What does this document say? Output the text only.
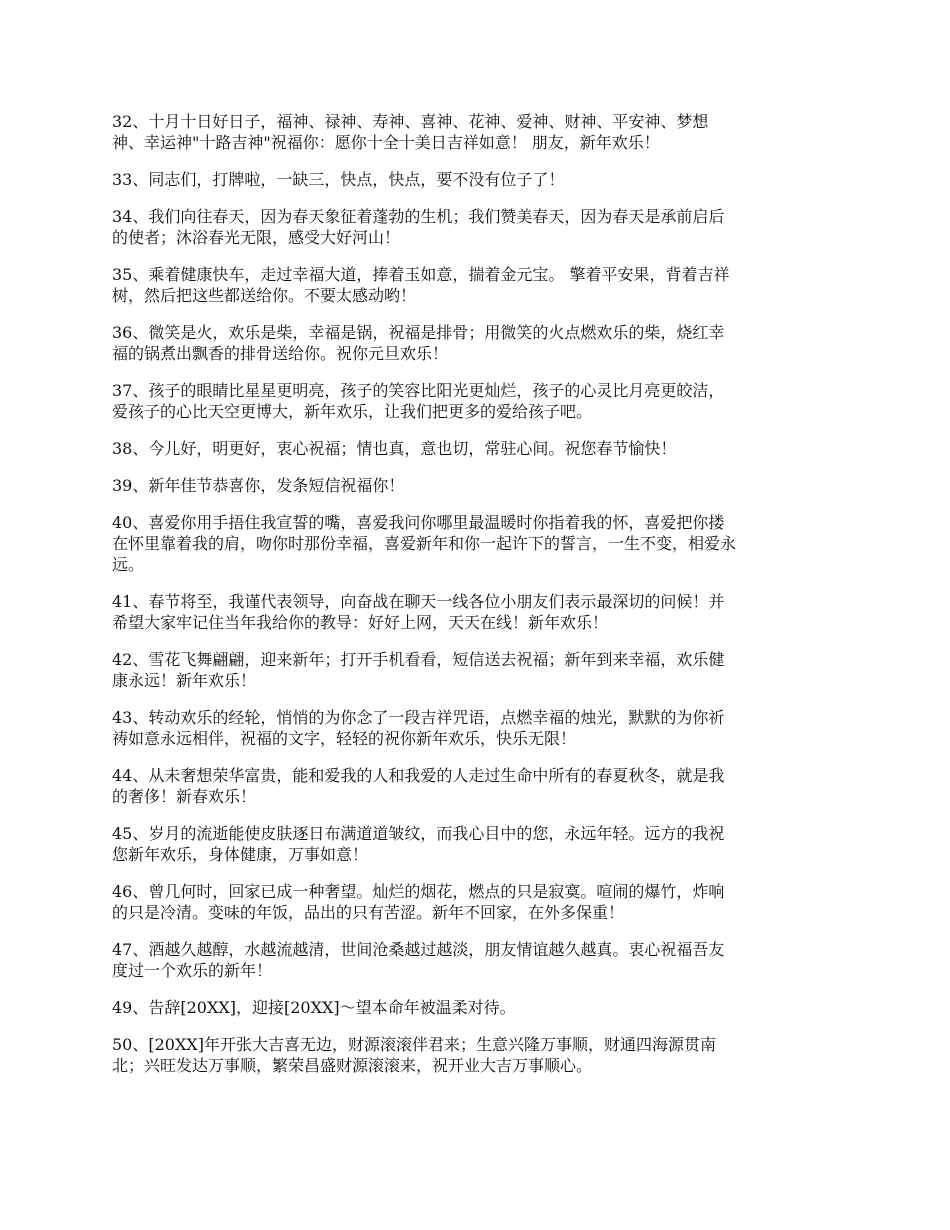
32、十月十日好日子，福神、禄神、寿神、喜神、花神、爱神、财神、平安神、梦想
神、幸运神"十路吉神"祝福你：愿你十全十美日吉祥如意！ 朋友，新年欢乐！

33、同志们，打牌啦，一缺三，快点，快点，要不没有位子了！

34、我们向往春天，因为春天象征着蓬勃的生机；我们赞美春天，因为春天是承前启后
的使者；沐浴春光无限，感受大好河山！

35、乘着健康快车，走过幸福大道，捧着玉如意，揣着金元宝。 擎着平安果，背着吉祥
树，然后把这些都送给你。不要太感动哟！

36、微笑是火，欢乐是柴，幸福是锅，祝福是排骨；用微笑的火点燃欢乐的柴，烧红幸
福的锅煮出飘香的排骨送给你。祝你元旦欢乐！

37、孩子的眼睛比星星更明亮，孩子的笑容比阳光更灿烂，孩子的心灵比月亮更皎洁，
爱孩子的心比天空更博大，新年欢乐，让我们把更多的爱给孩子吧。

38、今儿好，明更好，衷心祝福；情也真，意也切，常驻心间。祝您春节愉快！

39、新年佳节恭喜你，发条短信祝福你！

40、喜爱你用手捂住我宣誓的嘴，喜爱我问你哪里最温暖时你指着我的怀，喜爱把你搂
在怀里靠着我的肩，吻你时那份幸福，喜爱新年和你一起许下的誓言，一生不变，相爱永
远。

41、春节将至，我谨代表领导，向奋战在聊天一线各位小朋友们表示最深切的问候！并
希望大家牢记住当年我给你的教导：好好上网，天天在线！新年欢乐！

42、雪花飞舞翩翩，迎来新年；打开手机看看，短信送去祝福；新年到来幸福，欢乐健
康永远！新年欢乐！

43、转动欢乐的经轮，悄悄的为你念了一段吉祥咒语，点燃幸福的烛光，默默的为你祈
祷如意永远相伴，祝福的文字，轻轻的祝你新年欢乐，快乐无限！

44、从未奢想荣华富贵，能和爱我的人和我爱的人走过生命中所有的春夏秋冬，就是我
的奢侈！新春欢乐！

45、岁月的流逝能使皮肤逐日布满道道皱纹，而我心目中的您，永远年轻。远方的我祝
您新年欢乐，身体健康，万事如意！

46、曾几何时，回家已成一种奢望。灿烂的烟花，燃点的只是寂寞。喧闹的爆竹，炸响
的只是冷清。变味的年饭，品出的只有苦涩。新年不回家，在外多保重！

47、酒越久越醇，水越流越清，世间沧桑越过越淡，朋友情谊越久越真。衷心祝福吾友
度过一个欢乐的新年！

49、告辞[20XX]，迎接[20XX]～望本命年被温柔对待。

50、[20XX]年开张大吉喜无边，财源滚滚伴君来；生意兴隆万事顺，财通四海源贯南
北；兴旺发达万事顺，繁荣昌盛财源滚滚来，祝开业大吉万事顺心。
